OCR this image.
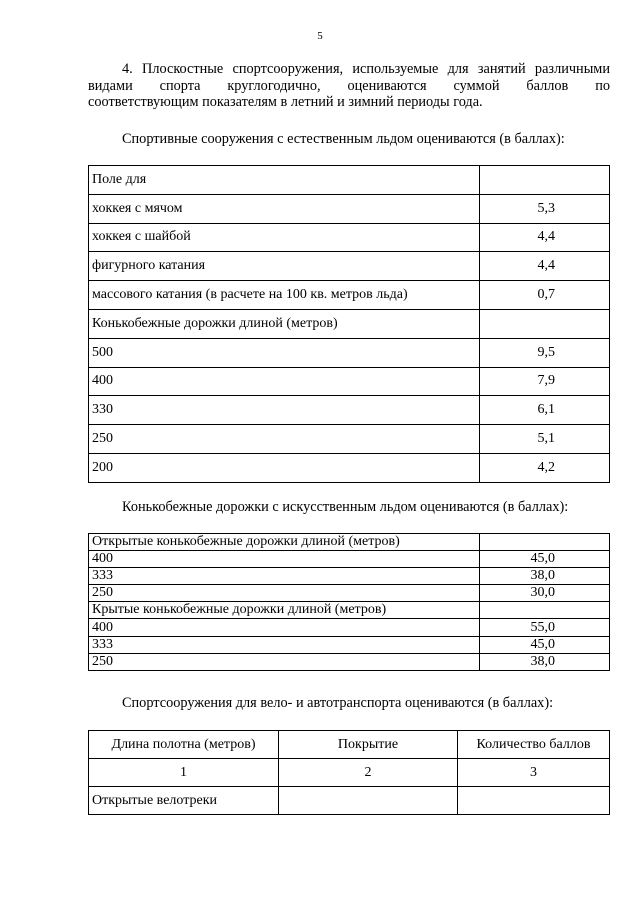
5
4. Плоскостные спортсооружения, используемые для занятий различными
видами спорта круглогодично, оцениваются суммой баллов по
соответствующим показателям в летний и зимний периоды года.
Спортивные сооружения с естественным льдом оцениваются (в баллах):
Поле для	
хоккея с мячом	5,3
хоккея с шайбой	4,4
фигурного катания	4,4
массового катания (в расчете на 100 кв. метров льда)	0,7
Конькобежные дорожки длиной (метров)	
500	9,5
400	7,9
330	6,1
250	5,1
200	4,2
Конькобежные дорожки с искусственным льдом оцениваются (в баллах):
Открытые конькобежные дорожки длиной (метров)	
400	45,0
333	38,0
250	30,0
Крытые конькобежные дорожки длиной (метров)	
400	55,0
333	45,0
250	38,0
Спортсооружения для вело- и автотранспорта оцениваются (в баллах):
Длина полотна (метров)	Покрытие	Количество баллов
1	2	3
Открытые велотреки		
